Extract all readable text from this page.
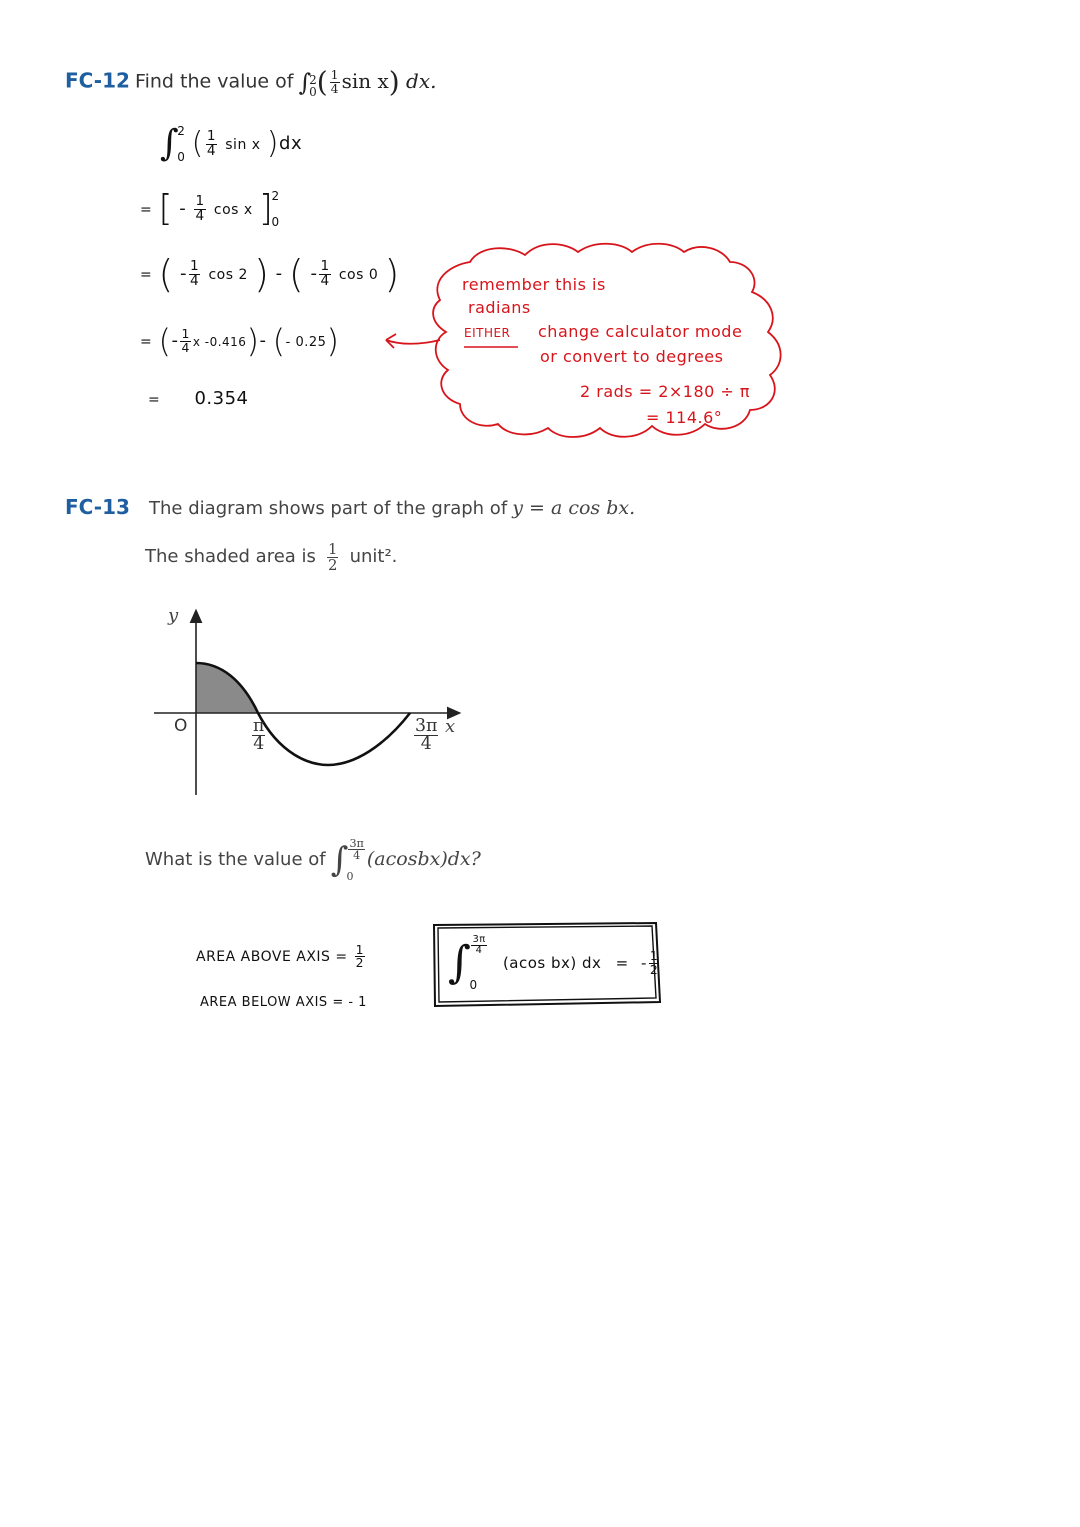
FC-12 Find the value of ∫
2
0 ( $\frac{1}{4}$ sin x) dx.
∫
2
0 ( $\frac{1}{4}$ sin x )dx
= [ - $\frac{1}{4}$ cos x ]
2
0
= ( - $\frac{1}{4}$ cos 2 ) - ( - $\frac{1}{4}$ cos 0 )
= (- $\frac{1}{4}$ x -0.416)- (- 0.25)
= 0.354
remember this is
radians
EITHER change calculator mode
or convert to degrees
2 rads = 2×180 ÷ π
= 114.6°
FC-13 The diagram shows part of the graph of y = a cos bx.
The shaded area is $\frac{1}{2}$ unit².
y
x
O	$\frac{\pi}{4}$	$\frac{3\pi}{4}$
What is the value of ∫ $\frac{3\pi}{4}$
0
(acosbx)dx?
AREA ABOVE AXIS = $\frac{1}{2}$
AREA BELOW AXIS = - 1
∫ $\frac{3\pi}{4}$
0
(acos bx) dx = - $\frac{1}{2}$
